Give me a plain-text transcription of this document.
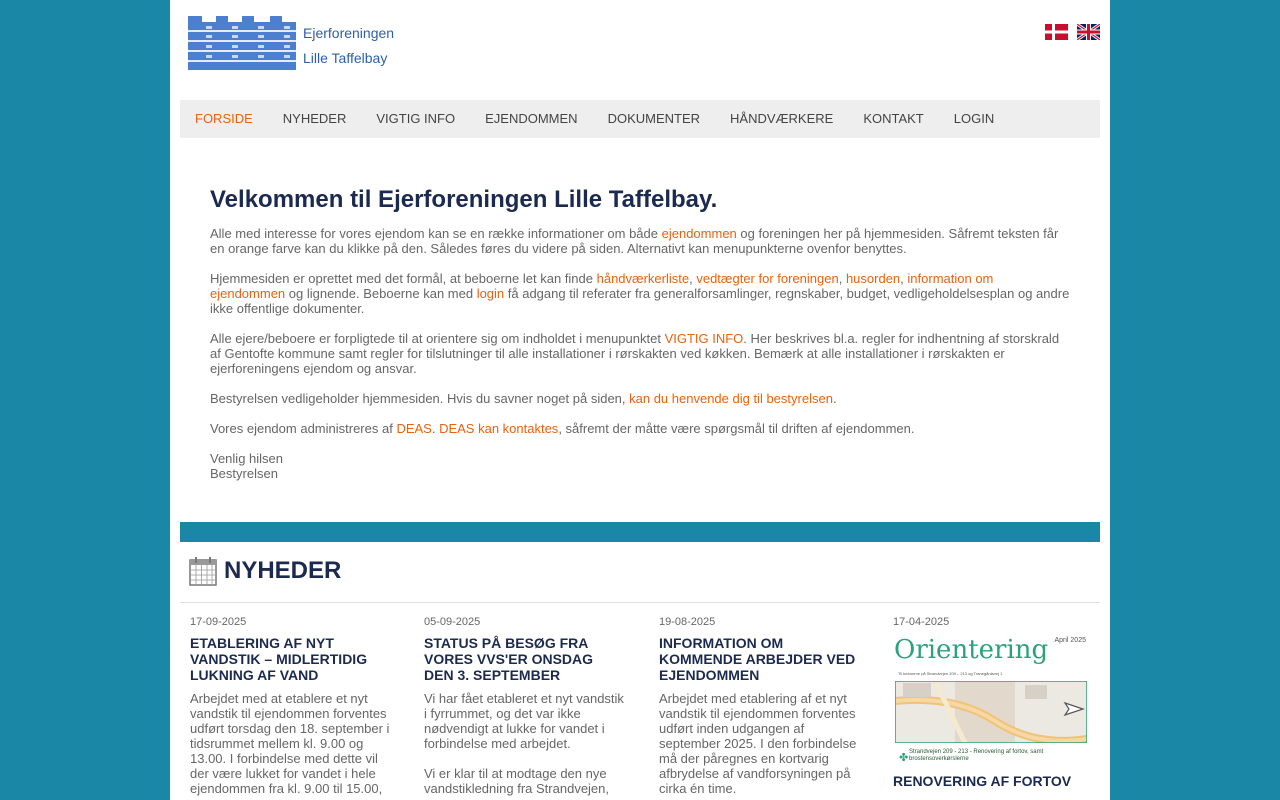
Ejerforeningen
Lille Taffelbay
FORSIDE	NYHEDER	VIGTIG INFO	EJENDOMMEN	DOKUMENTER	HÅNDVÆRKERE	KONTAKT	LOGIN
Velkommen til Ejerforeningen Lille Taffelbay.

Alle med interesse for vores ejendom kan se en række informationer om både ejendommen og foreningen her på hjemmesiden. Såfremt teksten får en orange farve kan du klikke på den. Således føres du videre på siden. Alternativt kan menupunkterne ovenfor benyttes.

Hjemmesiden er oprettet med det formål, at beboerne let kan finde håndværkerliste, vedtægter for foreningen, husorden, information om ejendommen og lignende. Beboerne kan med login få adgang til referater fra generalforsamlinger, regnskaber, budget, vedligeholdelsesplan og andre ikke offentlige dokumenter.

Alle ejere/beboere er forpligtede til at orientere sig om indholdet i menupunktet VIGTIG INFO. Her beskrives bl.a. regler for indhentning af storskrald af Gentofte kommune samt regler for tilslutninger til alle installationer i rørskakten ved køkken. Bemærk at alle installationer i rørskakten er ejerforeningens ejendom og ansvar.

Bestyrelsen vedligeholder hjemmesiden. Hvis du savner noget på siden, kan du henvende dig til bestyrelsen.

Vores ejendom administreres af DEAS. DEAS kan kontaktes, såfremt der måtte være spørgsmål til driften af ejendommen.

Venlig hilsen
Bestyrelsen

NYHEDER
17-09-2025
ETABLERING AF NYT VANDSTIK – MIDLERTIDIG LUKNING AF VAND

Arbejdet med at etablere et nyt vandstik til ejendommen forventes udført torsdag den 18. september i tidsrummet mellem kl. 9.00 og 13.00. I forbindelse med dette vil der være lukket for vandet i hele ejendommen fra kl. 9.00 til 15.00,

05-09-2025
STATUS PÅ BESØG FRA VORES VVS'ER ONSDAG DEN 3. SEPTEMBER

Vi har fået etableret et nyt vandstik i fyrrummet, og det var ikke nødvendigt at lukke for vandet i forbindelse med arbejdet.

Vi er klar til at modtage den nye vandstikledning fra Strandvejen,

19-08-2025
INFORMATION OM KOMMENDE ARBEJDER VED EJENDOMMEN

Arbejdet med etablering af et nyt vandstik til ejendommen forventes udført inden udgangen af september 2025. I den forbindelse må der påregnes en kortvarig afbrydelse af vandforsyningen på cirka én time.

17-04-2025
Orientering April 2025
Til beboerne på Strandvejen 209 – 213 og Tranegårdsvej 1
✤ Strandvejen 209 - 213 - Renovering af fortov, samt brostensoverkørslerne
RENOVERING AF FORTOV
